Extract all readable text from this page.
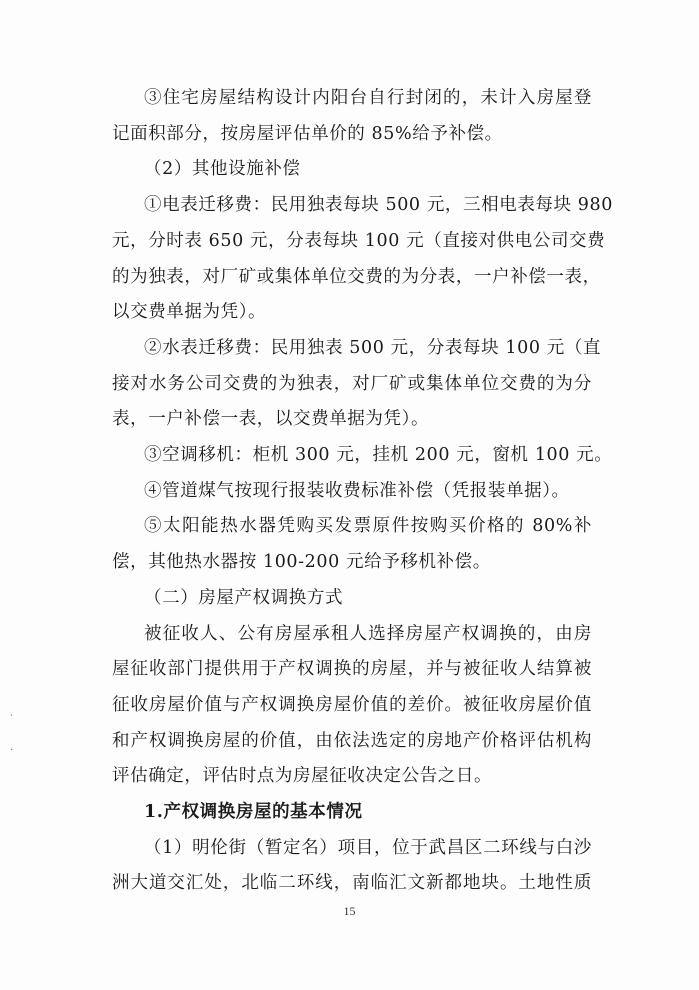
③住宅房屋结构设计内阳台自行封闭的，未计入房屋登
记面积部分，按房屋评估单价的 85%给予补偿。
（2）其他设施补偿
①电表迁移费：民用独表每块 500 元，三相电表每块 980
元，分时表 650 元，分表每块 100 元（直接对供电公司交费
的为独表，对厂矿或集体单位交费的为分表，一户补偿一表，
以交费单据为凭）。
②水表迁移费：民用独表 500 元，分表每块 100 元（直
接对水务公司交费的为独表，对厂矿或集体单位交费的为分
表，一户补偿一表，以交费单据为凭）。
③空调移机：柜机 300 元，挂机 200 元，窗机 100 元。
④管道煤气按现行报装收费标准补偿（凭报装单据）。
⑤太阳能热水器凭购买发票原件按购买价格的 80%补
偿，其他热水器按 100-200 元给予移机补偿。
（二）房屋产权调换方式
被征收人、公有房屋承租人选择房屋产权调换的，由房
屋征收部门提供用于产权调换的房屋，并与被征收人结算被
征收房屋价值与产权调换房屋价值的差价。被征收房屋价值
和产权调换房屋的价值，由依法选定的房地产价格评估机构
评估确定，评估时点为房屋征收决定公告之日。
1.产权调换房屋的基本情况
（1）明伦街（暂定名）项目，位于武昌区二环线与白沙
洲大道交汇处，北临二环线，南临汇文新都地块。土地性质
15
ˎ
·
